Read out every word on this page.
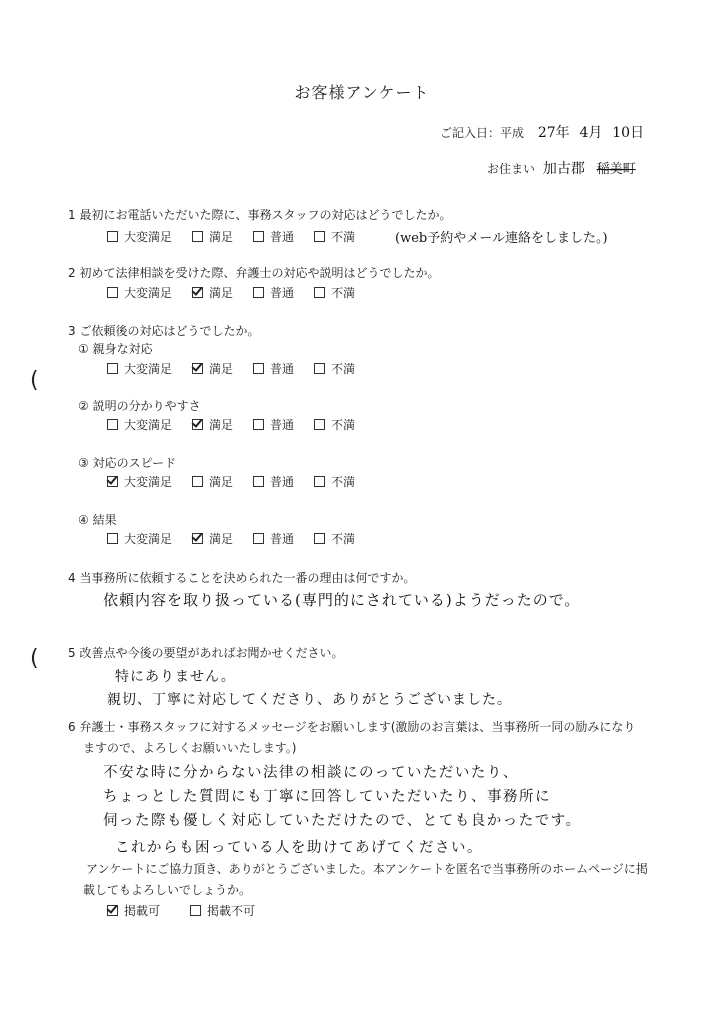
お客様アンケート
ご記入日：平成 27年 4月 10日
お住まい 加古郡 稲美町
1 最初にお電話いただいた際に、事務スタッフの対応はどうでしたか。
大変満足	満足	普通	不満	(web予約やメール連絡をしました。)
2 初めて法律相談を受けた際、弁護士の対応や説明はどうでしたか。
大変満足	満足	普通	不満
3 ご依頼後の対応はどうでしたか。
① 親身な対応
大変満足	満足	普通	不満
(
② 説明の分かりやすさ
大変満足	満足	普通	不満
③ 対応のスピード
大変満足	満足	普通	不満
④ 結果
大変満足	満足	普通	不満
4 当事務所に依頼することを決められた一番の理由は何ですか。
依頼内容を取り扱っている(専門的にされている)ようだったので。
( 5 改善点や今後の要望があればお聞かせください。
特にありません。
親切、丁寧に対応してくださり、ありがとうございました。
6 弁護士・事務スタッフに対するメッセージをお願いします(激励のお言葉は、当事務所一同の励みになり
ますので、よろしくお願いいたします。)
不安な時に分からない法律の相談にのっていただいたり、
ちょっとした質問にも丁寧に回答していただいたり、事務所に
伺った際も優しく対応していただけたので、とても良かったです。
これからも困っている人を助けてあげてください。
アンケートにご協力頂き、ありがとうございました。本アンケートを匿名で当事務所のホームページに掲
載してもよろしいでしょうか。
掲載可	掲載不可
